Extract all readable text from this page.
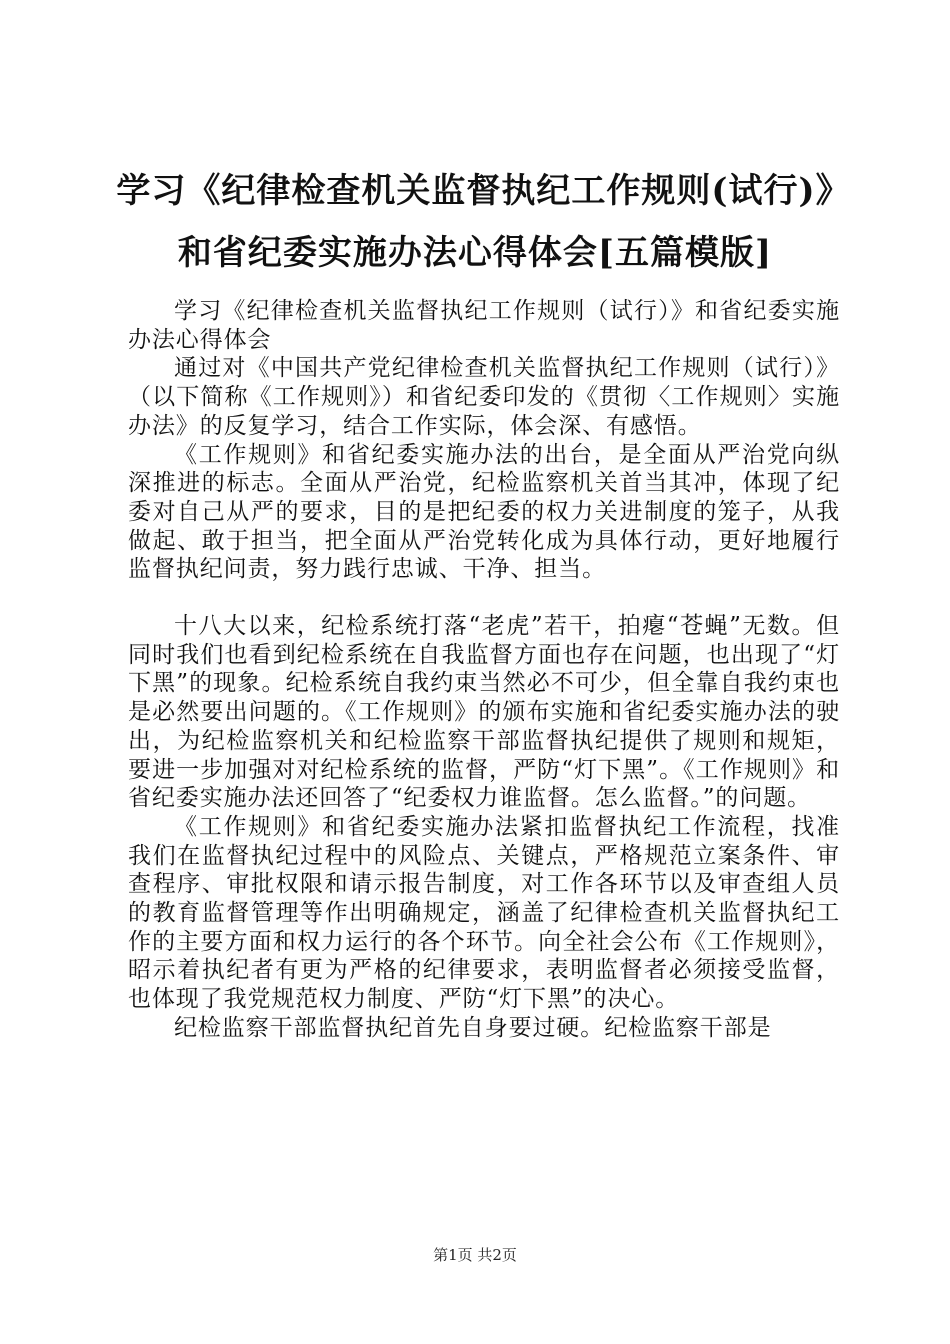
学习《纪律检查机关监督执纪工作规则(试行)》和省纪委实施办法心得体会[五篇模版]

学习《纪律检查机关监督执纪工作规则（试行）》和省纪委实施办法心得体会

通过对《中国共产党纪律检查机关监督执纪工作规则（试行）》（以下简称《工作规则》）和省纪委印发的《贯彻〈工作规则〉实施办法》的反复学习，结合工作实际，体会深、有感悟。

《工作规则》和省纪委实施办法的出台，是全面从严治党向纵深推进的标志。全面从严治党，纪检监察机关首当其冲，体现了纪委对自己从严的要求，目的是把纪委的权力关进制度的笼子，从我做起、敢于担当，把全面从严治党转化成为具体行动，更好地履行监督执纪问责，努力践行忠诚、干净、担当。

十八大以来，纪检系统打落“老虎”若干，拍瘪“苍蝇”无数。但同时我们也看到纪检系统在自我监督方面也存在问题，也出现了“灯下黑”的现象。纪检系统自我约束当然必不可少，但全靠自我约束也是必然要出问题的。《工作规则》的颁布实施和省纪委实施办法的驶出，为纪检监察机关和纪检监察干部监督执纪提供了规则和规矩，要进一步加强对对纪检系统的监督，严防“灯下黑”。《工作规则》和省纪委实施办法还回答了“纪委权力谁监督。怎么监督。”的问题。

《工作规则》和省纪委实施办法紧扣监督执纪工作流程，找准我们在监督执纪过程中的风险点、关键点，严格规范立案条件、审查程序、审批权限和请示报告制度，对工作各环节以及审查组人员的教育监督管理等作出明确规定，涵盖了纪律检查机关监督执纪工作的主要方面和权力运行的各个环节。向全社会公布《工作规则》，昭示着执纪者有更为严格的纪律要求，表明监督者必须接受监督，也体现了我党规范权力制度、严防“灯下黑”的决心。

纪检监察干部监督执纪首先自身要过硬。纪检监察干部是

第1页 共2页
